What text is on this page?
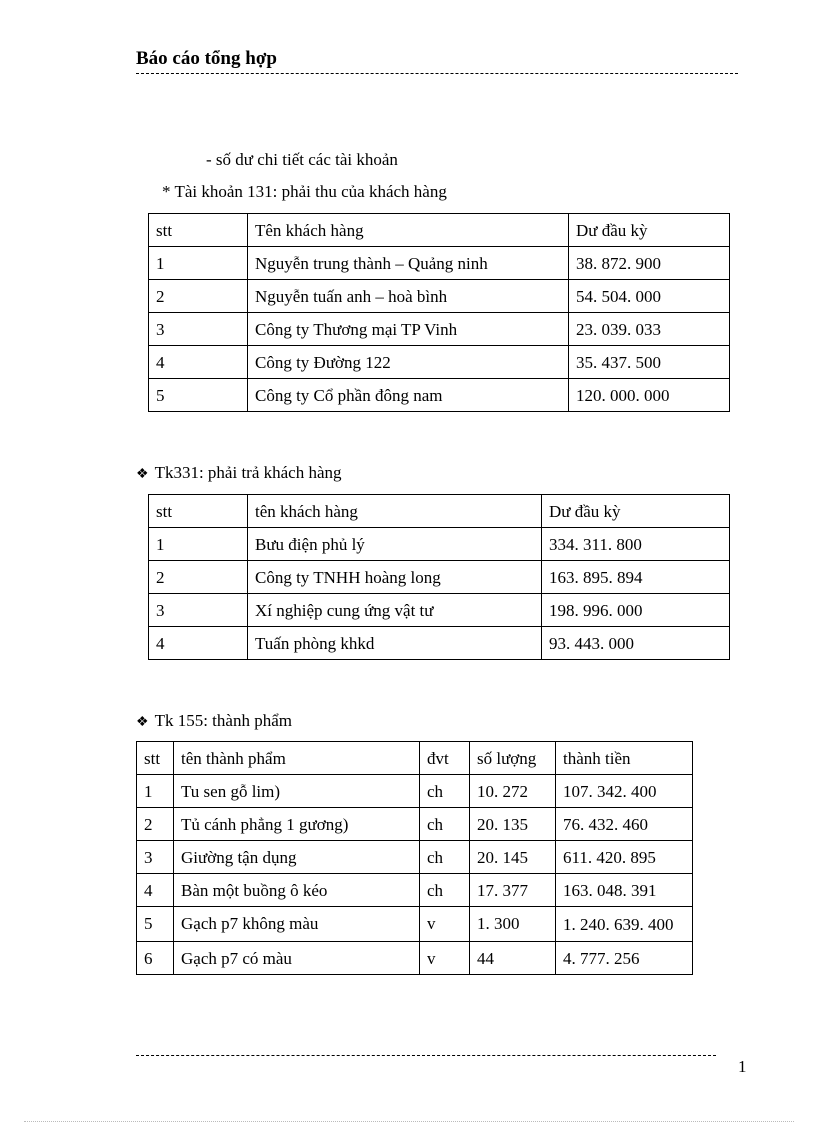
Báo cáo tổng hợp
- số dư chi tiết các tài khoản
* Tài khoản 131: phải thu của khách hàng
stt	Tên khách hàng	Dư đầu kỳ
1	Nguyễn trung thành – Quảng ninh	38. 872. 900
2	Nguyễn tuấn anh – hoà bình	54. 504. 000
3	Công ty Thương mại TP Vinh	23. 039. 033
4	Công ty Đường 122	35. 437. 500
5	Công ty Cổ phần đông nam	120. 000. 000
❖ Tk331: phải trả khách hàng
stt	tên khách hàng	Dư đầu kỳ
1	Bưu điện phủ lý	334. 311. 800
2	Công ty TNHH hoàng long	163. 895. 894
3	Xí nghiệp cung ứng vật tư	198. 996. 000
4	Tuấn phòng khkd	93. 443. 000
❖ Tk 155: thành phẩm
stt	tên thành phẩm	đvt	số lượng	thành tiền
1	Tu sen gỗ lim)	ch	10. 272	107. 342. 400
2	Tủ cánh phẳng 1 gương)	ch	20. 135	76. 432. 460
3	Giường tận dụng	ch	20. 145	611. 420. 895
4	Bàn một buồng ô kéo	ch	17. 377	163. 048. 391
5	Gạch p7 không màu	v	1. 300	1. 240. 639. 400
6	Gạch p7 có màu	v	44	4. 777. 256
1
